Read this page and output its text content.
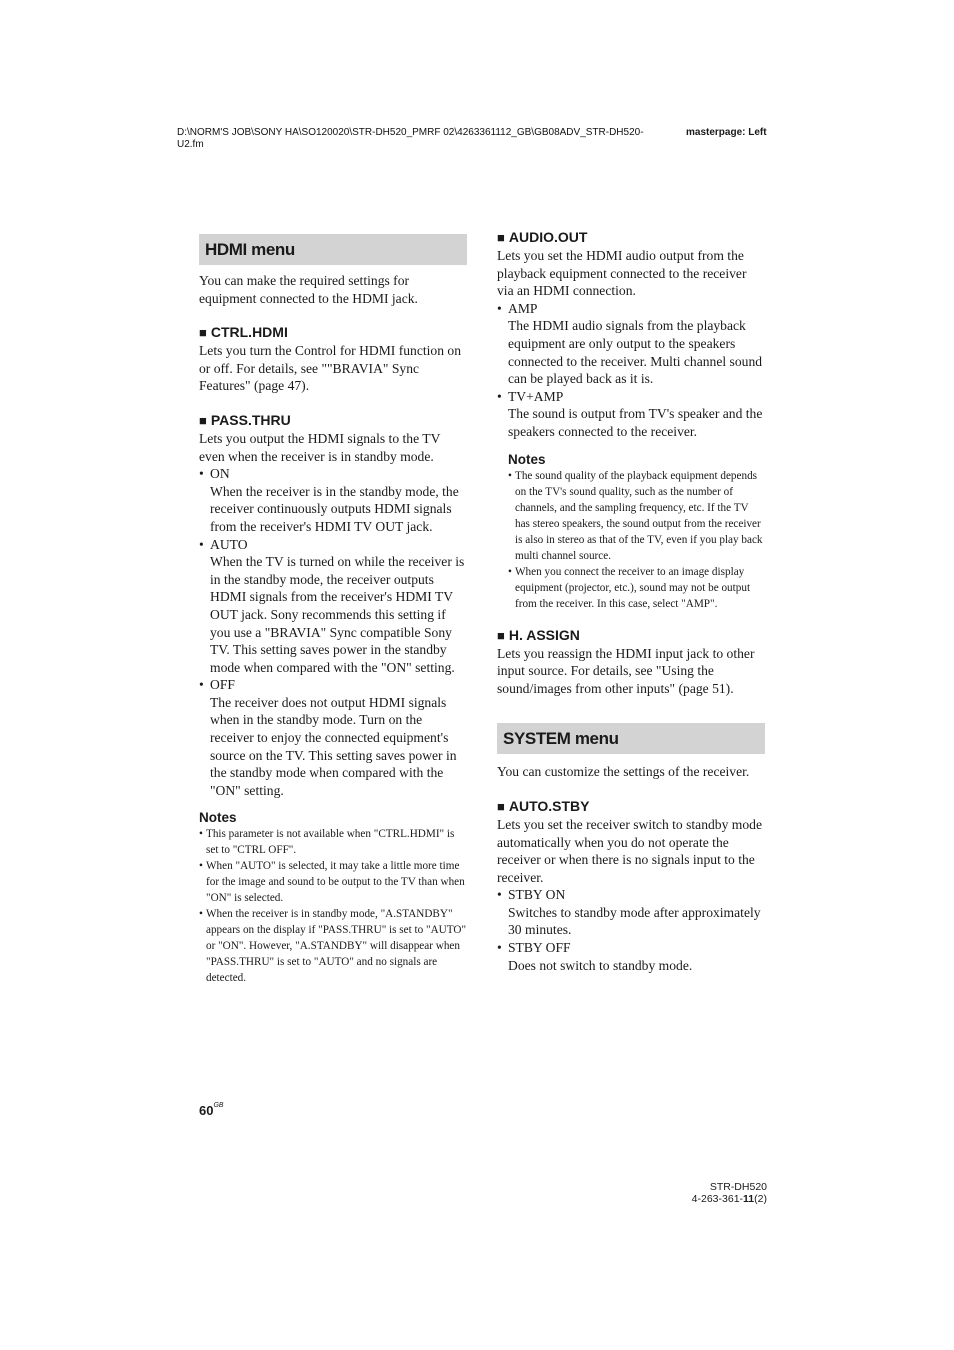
D:\NORM'S JOB\SONY HA\SO120020\STR-DH520_PMRF 02\4263361112_GB\GB08ADV_STR-DH520-U2.fm
masterpage: Left
HDMI menu

You can make the required settings for equipment connected to the HDMI jack.

■ CTRL.HDMI

Lets you turn the Control for HDMI function on or off. For details, see ""BRAVIA" Sync Features" (page 47).

■ PASS.THRU

Lets you output the HDMI signals to the TV even when the receiver is in standby mode.

• ON
When the receiver is in the standby mode, the receiver continuously outputs HDMI signals from the receiver's HDMI TV OUT jack.
• AUTO
When the TV is turned on while the receiver is in the standby mode, the receiver outputs HDMI signals from the receiver's HDMI TV OUT jack. Sony recommends this setting if you use a "BRAVIA" Sync compatible Sony TV. This setting saves power in the standby mode when compared with the "ON" setting.
• OFF
The receiver does not output HDMI signals when in the standby mode. Turn on the receiver to enjoy the connected equipment's source on the TV. This setting saves power in the standby mode when compared with the "ON" setting.

Notes

• This parameter is not available when "CTRL.HDMI" is set to "CTRL OFF".

• When "AUTO" is selected, it may take a little more time for the image and sound to be output to the TV than when "ON" is selected.

• When the receiver is in standby mode, "A.STANDBY" appears on the display if "PASS.THRU" is set to "AUTO" or "ON". However, "A.STANDBY" will disappear when "PASS.THRU" is set to "AUTO" and no signals are detected.

■ AUDIO.OUT

Lets you set the HDMI audio output from the playback equipment connected to the receiver via an HDMI connection.

• AMP
The HDMI audio signals from the playback equipment are only output to the speakers connected to the receiver. Multi channel sound can be played back as it is.
• TV+AMP
The sound is output from TV's speaker and the speakers connected to the receiver.

Notes

• The sound quality of the playback equipment depends on the TV's sound quality, such as the number of channels, and the sampling frequency, etc. If the TV has stereo speakers, the sound output from the receiver is also in stereo as that of the TV, even if you play back multi channel source.

• When you connect the receiver to an image display equipment (projector, etc.), sound may not be output from the receiver. In this case, select "AMP".

■ H. ASSIGN

Lets you reassign the HDMI input jack to other input source. For details, see "Using the sound/images from other inputs" (page 51).

SYSTEM menu

You can customize the settings of the receiver.

■ AUTO.STBY

Lets you set the receiver switch to standby mode automatically when you do not operate the receiver or when there is no signals input to the receiver.

• STBY ON
Switches to standby mode after approximately 30 minutes.
• STBY OFF
Does not switch to standby mode.
$60^{GB}$
STR-DH520
4-263-361-11(2)
